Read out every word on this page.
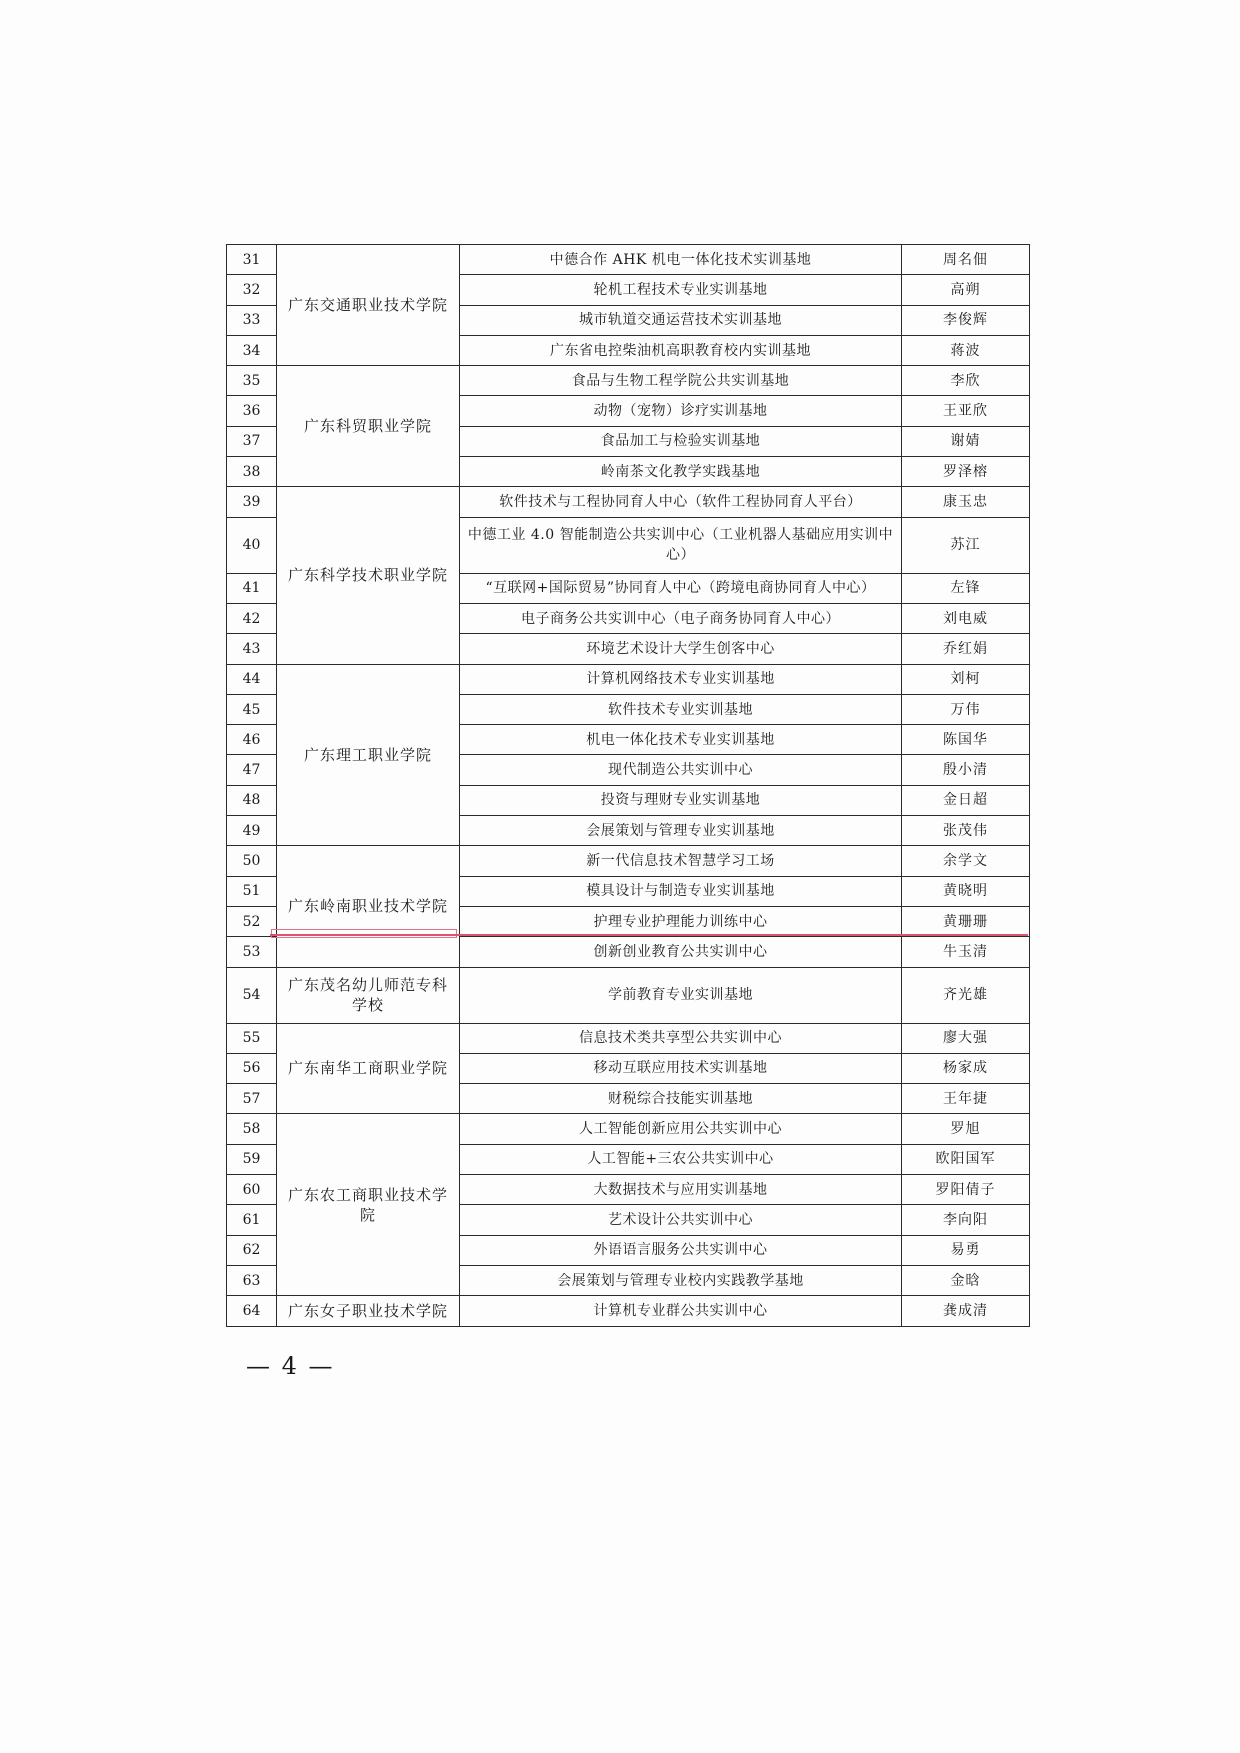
31	广东交通职业技术学院	中德合作 AHK 机电一体化技术实训基地	周名佃
32		轮机工程技术专业实训基地	高朔
33		城市轨道交通运营技术实训基地	李俊辉
34		广东省电控柴油机高职教育校内实训基地	蒋波
35	广东科贸职业学院	食品与生物工程学院公共实训基地	李欣
36		动物（宠物）诊疗实训基地	王亚欣
37		食品加工与检验实训基地	谢婧
38		岭南茶文化教学实践基地	罗泽榕
39	广东科学技术职业学院	软件技术与工程协同育人中心（软件工程协同育人平台）	康玉忠
40		中德工业 4.0 智能制造公共实训中心（工业机器人基础应用实训中心）	苏江
41		“互联网+国际贸易”协同育人中心（跨境电商协同育人中心）	左锋
42		电子商务公共实训中心（电子商务协同育人中心）	刘电威
43		环境艺术设计大学生创客中心	乔红娟
44	广东理工职业学院	计算机网络技术专业实训基地	刘柯
45		软件技术专业实训基地	万伟
46		机电一体化技术专业实训基地	陈国华
47		现代制造公共实训中心	殷小清
48		投资与理财专业实训基地	金日超
49		会展策划与管理专业实训基地	张茂伟
50	广东岭南职业技术学院	新一代信息技术智慧学习工场	余学文
51		模具设计与制造专业实训基地	黄晓明
52		护理专业护理能力训练中心	黄珊珊
53		创新创业教育公共实训中心	牛玉清
54	广东茂名幼儿师范专科学校	学前教育专业实训基地	齐光雄
55	广东南华工商职业学院	信息技术类共享型公共实训中心	廖大强
56		移动互联应用技术实训基地	杨家成
57		财税综合技能实训基地	王年捷
58	广东农工商职业技术学院	人工智能创新应用公共实训中心	罗旭
59		人工智能+三农公共实训中心	欧阳国军
60		大数据技术与应用实训基地	罗阳倩子
61		艺术设计公共实训中心	李向阳
62		外语语言服务公共实训中心	易勇
63		会展策划与管理专业校内实践教学基地	金晗
64	广东女子职业技术学院	计算机专业群公共实训中心	龚成清
— 4 —
